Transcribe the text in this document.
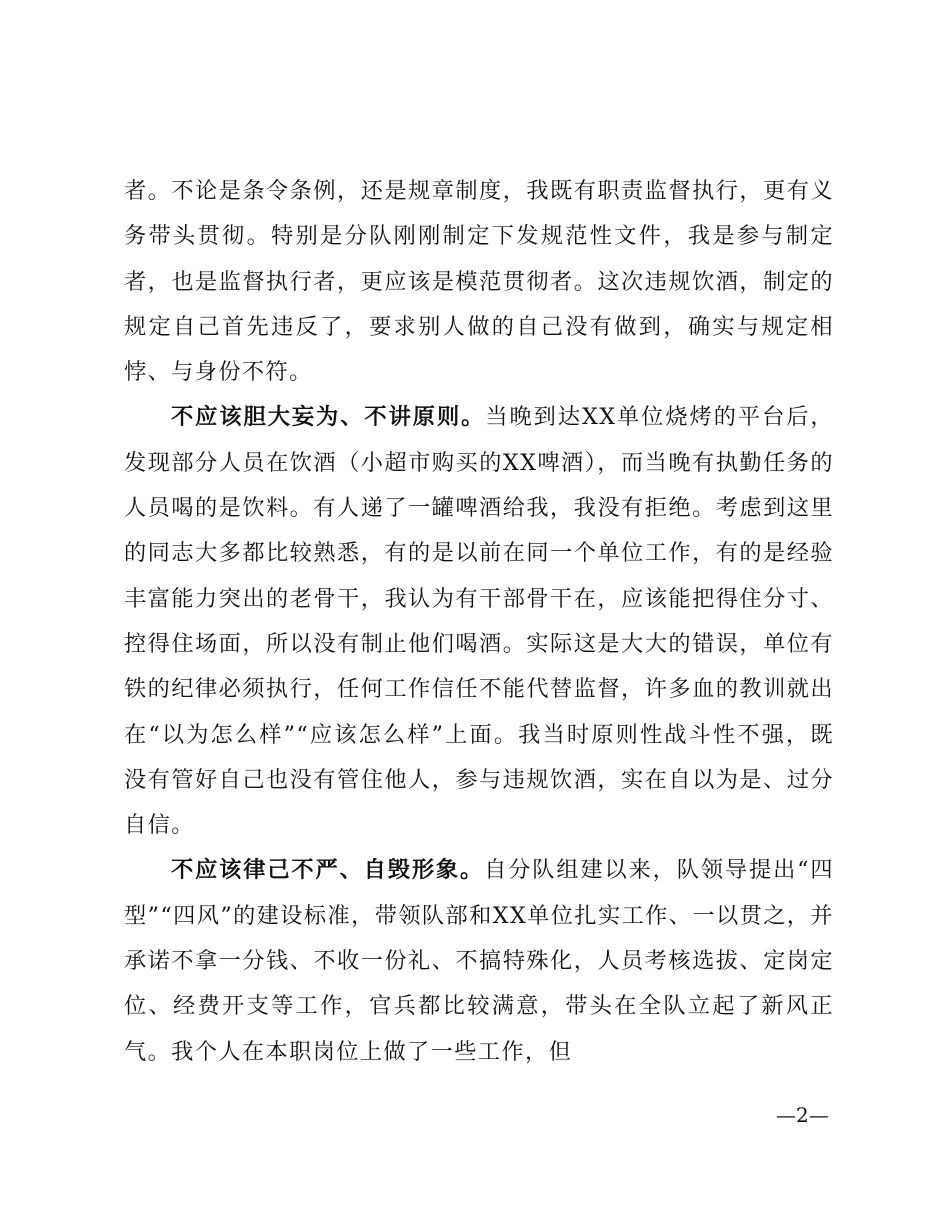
者。不论是条令条例，还是规章制度，我既有职责监督执行，更有义务带头贯彻。特别是分队刚刚制定下发规范性文件，我是参与制定者，也是监督执行者，更应该是模范贯彻者。这次违规饮酒，制定的规定自己首先违反了，要求别人做的自己没有做到，确实与规定相悖、与身份不符。

不应该胆大妄为、不讲原则。当晚到达XX单位烧烤的平台后，发现部分人员在饮酒（小超市购买的XX啤酒），而当晚有执勤任务的人员喝的是饮料。有人递了一罐啤酒给我，我没有拒绝。考虑到这里的同志大多都比较熟悉，有的是以前在同一个单位工作，有的是经验丰富能力突出的老骨干，我认为有干部骨干在，应该能把得住分寸、控得住场面，所以没有制止他们喝酒。实际这是大大的错误，单位有铁的纪律必须执行，任何工作信任不能代替监督，许多血的教训就出在“以为怎么样”“应该怎么样”上面。我当时原则性战斗性不强，既没有管好自己也没有管住他人，参与违规饮酒，实在自以为是、过分自信。

不应该律己不严、自毁形象。自分队组建以来，队领导提出“四型”“四风”的建设标准，带领队部和XX单位扎实工作、一以贯之，并承诺不拿一分钱、不收一份礼、不搞特殊化，人员考核选拔、定岗定位、经费开支等工作，官兵都比较满意，带头在全队立起了新风正气。我个人在本职岗位上做了一些工作，但

—2—
